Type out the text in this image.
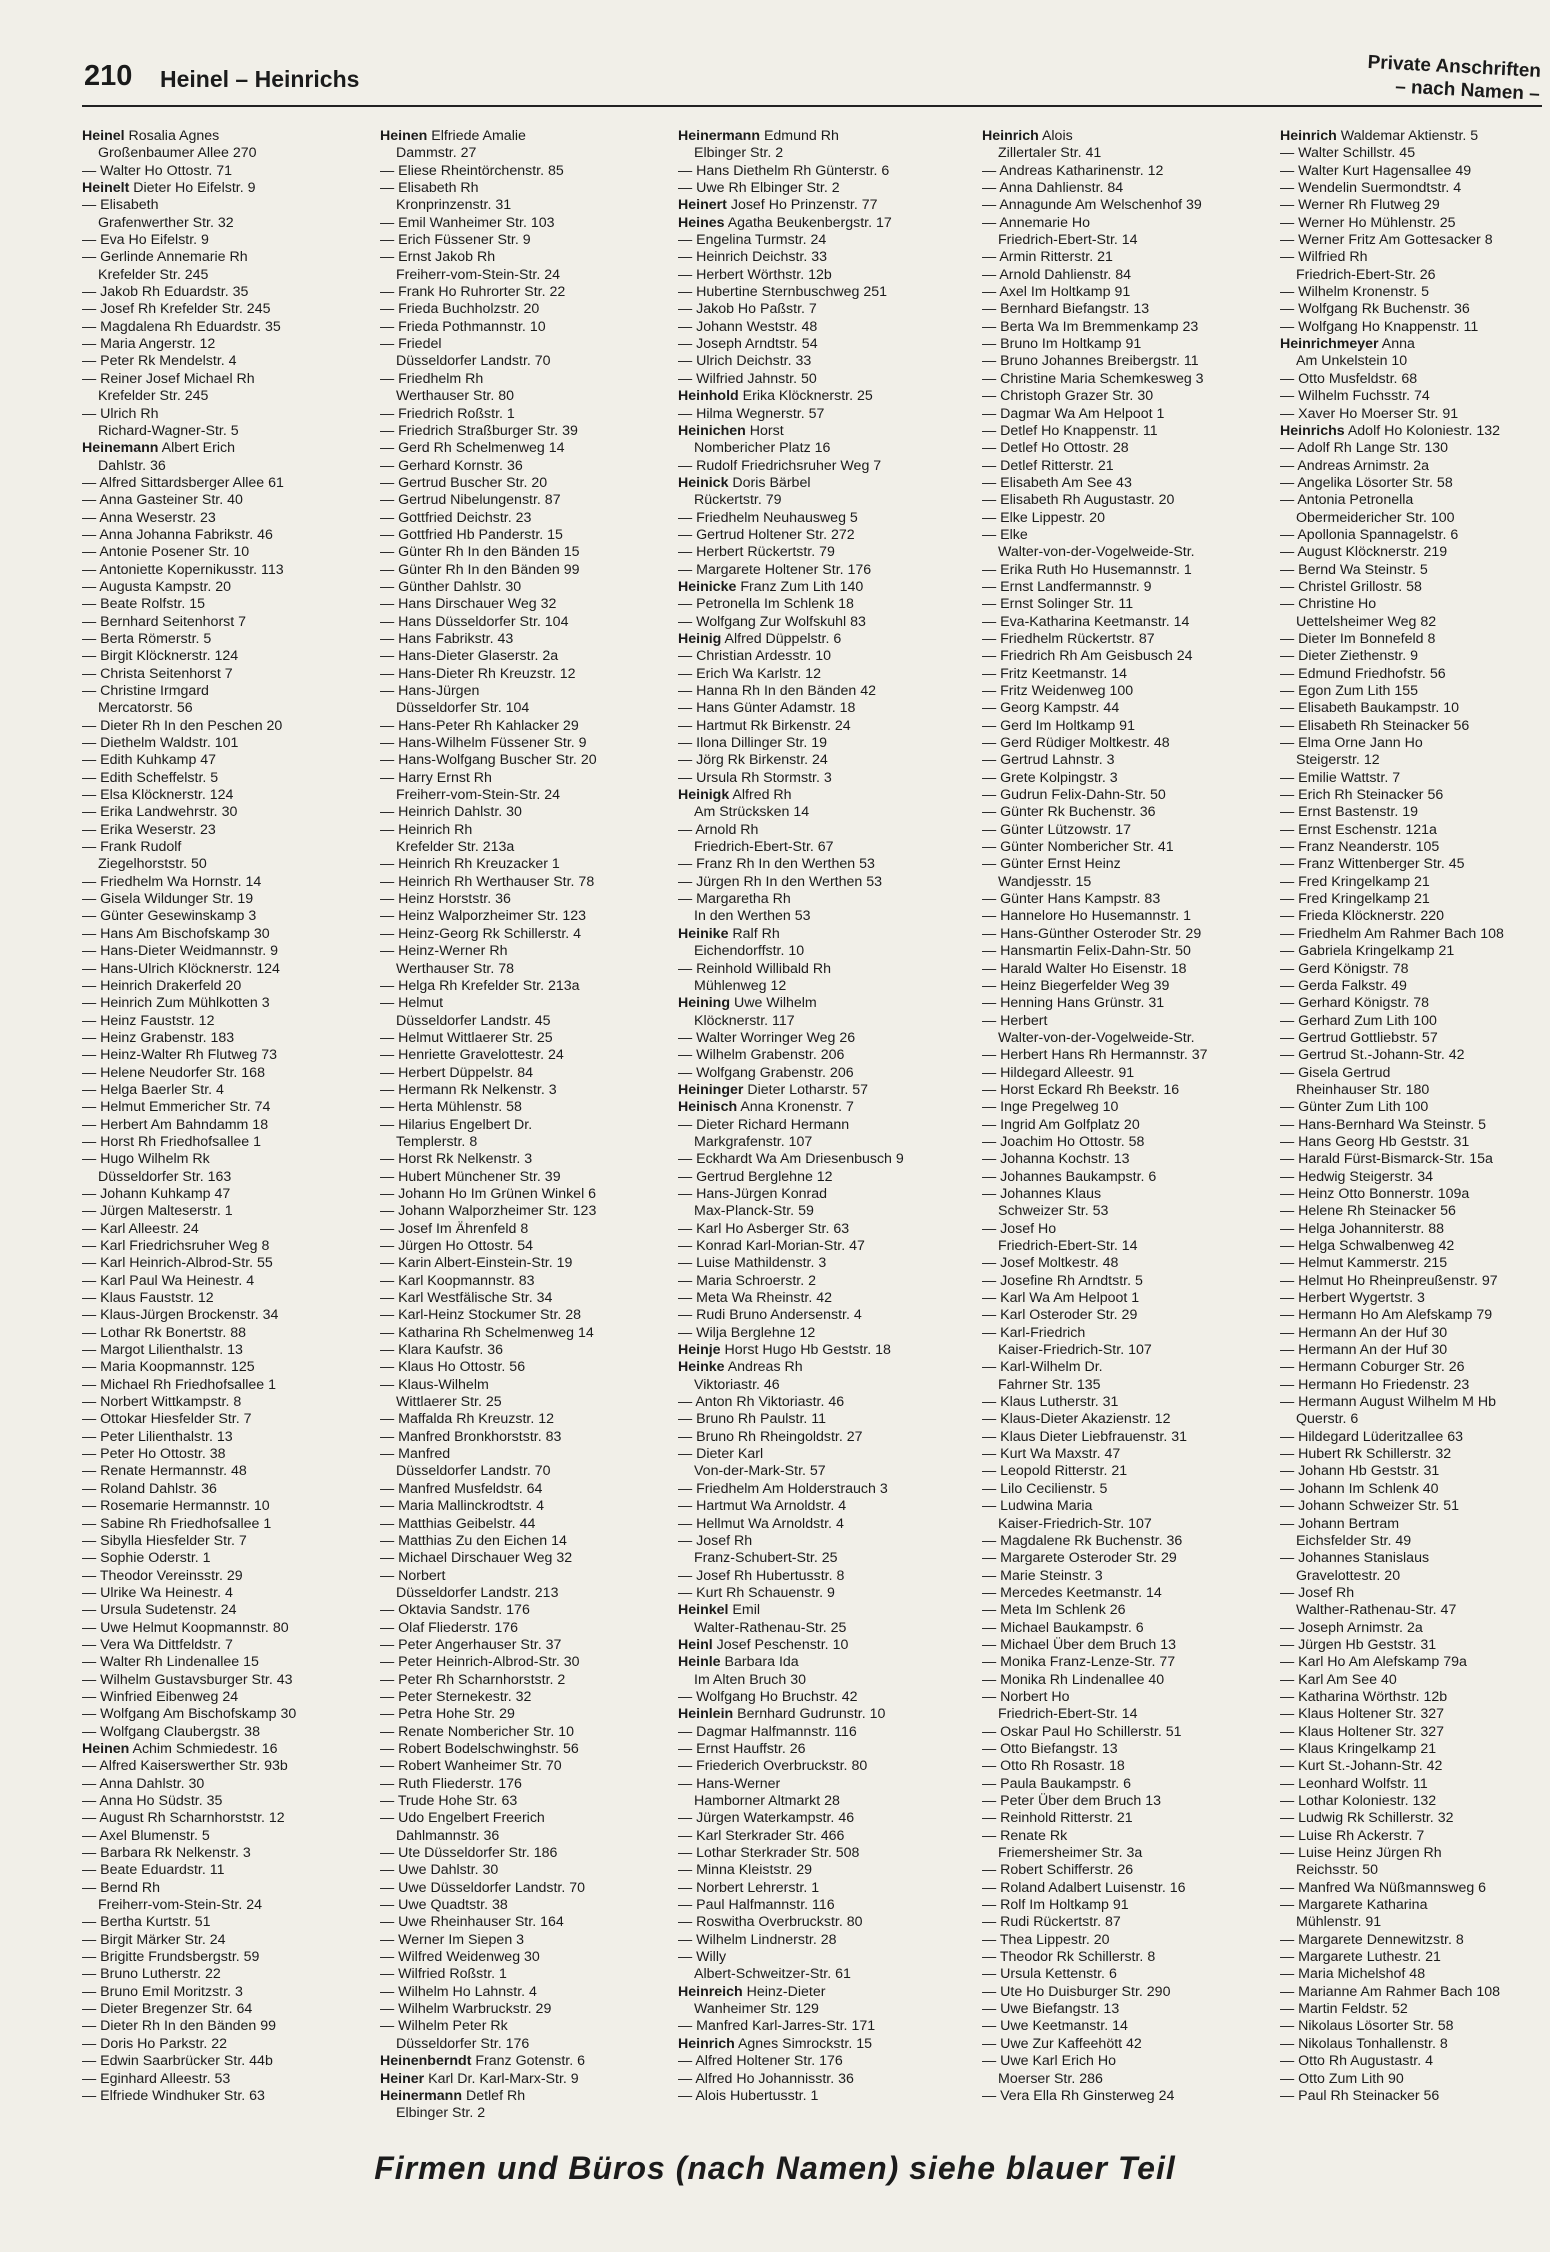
210 Heinel – Heinrichs	Private Anschriften
– nach Namen –
Heinel Rosalia Agnes
Großenbaumer Allee 270
— Walter Ho Ottostr. 71
Heinelt Dieter Ho Eifelstr. 9
— Elisabeth
Grafenwerther Str. 32
— Eva Ho Eifelstr. 9
— Gerlinde Annemarie Rh
Krefelder Str. 245
— Jakob Rh Eduardstr. 35
— Josef Rh Krefelder Str. 245
— Magdalena Rh Eduardstr. 35
— Maria Angerstr. 12
— Peter Rk Mendelstr. 4
— Reiner Josef Michael Rh
Krefelder Str. 245
— Ulrich Rh
Richard-Wagner-Str. 5
Heinemann Albert Erich
Dahlstr. 36
— Alfred Sittardsberger Allee 61
— Anna Gasteiner Str. 40
— Anna Weserstr. 23
— Anna Johanna Fabrikstr. 46
— Antonie Posener Str. 10
— Antoniette Kopernikusstr. 113
— Augusta Kampstr. 20
— Beate Rolfstr. 15
— Bernhard Seitenhorst 7
— Berta Römerstr. 5
— Birgit Klöcknerstr. 124
— Christa Seitenhorst 7
— Christine Irmgard
Mercatorstr. 56
— Dieter Rh In den Peschen 20
— Diethelm Waldstr. 101
— Edith Kuhkamp 47
— Edith Scheffelstr. 5
— Elsa Klöcknerstr. 124
— Erika Landwehrstr. 30
— Erika Weserstr. 23
— Frank Rudolf
Ziegelhorststr. 50
— Friedhelm Wa Hornstr. 14
— Gisela Wildunger Str. 19
— Günter Gesewinskamp 3
— Hans Am Bischofskamp 30
— Hans-Dieter Weidmannstr. 9
— Hans-Ulrich Klöcknerstr. 124
— Heinrich Drakerfeld 20
— Heinrich Zum Mühlkotten 3
— Heinz Fauststr. 12
— Heinz Grabenstr. 183
— Heinz-Walter Rh Flutweg 73
— Helene Neudorfer Str. 168
— Helga Baerler Str. 4
— Helmut Emmericher Str. 74
— Herbert Am Bahndamm 18
— Horst Rh Friedhofsallee 1
— Hugo Wilhelm Rk
Düsseldorfer Str. 163
— Johann Kuhkamp 47
— Jürgen Malteserstr. 1
— Karl Alleestr. 24
— Karl Friedrichsruher Weg 8
— Karl Heinrich-Albrod-Str. 55
— Karl Paul Wa Heinestr. 4
— Klaus Fauststr. 12
— Klaus-Jürgen Brockenstr. 34
— Lothar Rk Bonertstr. 88
— Margot Lilienthalstr. 13
— Maria Koopmannstr. 125
— Michael Rh Friedhofsallee 1
— Norbert Wittkampstr. 8
— Ottokar Hiesfelder Str. 7
— Peter Lilienthalstr. 13
— Peter Ho Ottostr. 38
— Renate Hermannstr. 48
— Roland Dahlstr. 36
— Rosemarie Hermannstr. 10
— Sabine Rh Friedhofsallee 1
— Sibylla Hiesfelder Str. 7
— Sophie Oderstr. 1
— Theodor Vereinsstr. 29
— Ulrike Wa Heinestr. 4
— Ursula Sudetenstr. 24
— Uwe Helmut Koopmannstr. 80
— Vera Wa Dittfeldstr. 7
— Walter Rh Lindenallee 15
— Wilhelm Gustavsburger Str. 43
— Winfried Eibenweg 24
— Wolfgang Am Bischofskamp 30
— Wolfgang Claubergstr. 38
Heinen Achim Schmiedestr. 16
— Alfred Kaiserswerther Str. 93b
— Anna Dahlstr. 30
— Anna Ho Südstr. 35
— August Rh Scharnhorststr. 12
— Axel Blumenstr. 5
— Barbara Rk Nelkenstr. 3
— Beate Eduardstr. 11
— Bernd Rh
Freiherr-vom-Stein-Str. 24
— Bertha Kurtstr. 51
— Birgit Märker Str. 24
— Brigitte Frundsbergstr. 59
— Bruno Lutherstr. 22
— Bruno Emil Moritzstr. 3
— Dieter Bregenzer Str. 64
— Dieter Rh In den Bänden 99
— Doris Ho Parkstr. 22
— Edwin Saarbrücker Str. 44b
— Eginhard Alleestr. 53
— Elfriede Windhuker Str. 63
Heinen Elfriede Amalie
Dammstr. 27
— Eliese Rheintörchenstr. 85
— Elisabeth Rh
Kronprinzenstr. 31
— Emil Wanheimer Str. 103
— Erich Füssener Str. 9
— Ernst Jakob Rh
Freiherr-vom-Stein-Str. 24
— Frank Ho Ruhrorter Str. 22
— Frieda Buchholzstr. 20
— Frieda Pothmannstr. 10
— Friedel
Düsseldorfer Landstr. 70
— Friedhelm Rh
Werthauser Str. 80
— Friedrich Roßstr. 1
— Friedrich Straßburger Str. 39
— Gerd Rh Schelmenweg 14
— Gerhard Kornstr. 36
— Gertrud Buscher Str. 20
— Gertrud Nibelungenstr. 87
— Gottfried Deichstr. 23
— Gottfried Hb Panderstr. 15
— Günter Rh In den Bänden 15
— Günter Rh In den Bänden 99
— Günther Dahlstr. 30
— Hans Dirschauer Weg 32
— Hans Düsseldorfer Str. 104
— Hans Fabrikstr. 43
— Hans-Dieter Glaserstr. 2a
— Hans-Dieter Rh Kreuzstr. 12
— Hans-Jürgen
Düsseldorfer Str. 104
— Hans-Peter Rh Kahlacker 29
— Hans-Wilhelm Füssener Str. 9
— Hans-Wolfgang Buscher Str. 20
— Harry Ernst Rh
Freiherr-vom-Stein-Str. 24
— Heinrich Dahlstr. 30
— Heinrich Rh
Krefelder Str. 213a
— Heinrich Rh Kreuzacker 1
— Heinrich Rh Werthauser Str. 78
— Heinz Horststr. 36
— Heinz Walporzheimer Str. 123
— Heinz-Georg Rk Schillerstr. 4
— Heinz-Werner Rh
Werthauser Str. 78
— Helga Rh Krefelder Str. 213a
— Helmut
Düsseldorfer Landstr. 45
— Helmut Wittlaerer Str. 25
— Henriette Gravelottestr. 24
— Herbert Düppelstr. 84
— Hermann Rk Nelkenstr. 3
— Herta Mühlenstr. 58
— Hilarius Engelbert Dr.
Templerstr. 8
— Horst Rk Nelkenstr. 3
— Hubert Münchener Str. 39
— Johann Ho Im Grünen Winkel 6
— Johann Walporzheimer Str. 123
— Josef Im Ährenfeld 8
— Jürgen Ho Ottostr. 54
— Karin Albert-Einstein-Str. 19
— Karl Koopmannstr. 83
— Karl Westfälische Str. 34
— Karl-Heinz Stockumer Str. 28
— Katharina Rh Schelmenweg 14
— Klara Kaufstr. 36
— Klaus Ho Ottostr. 56
— Klaus-Wilhelm
Wittlaerer Str. 25
— Maffalda Rh Kreuzstr. 12
— Manfred Bronkhorststr. 83
— Manfred
Düsseldorfer Landstr. 70
— Manfred Musfeldstr. 64
— Maria Mallinckrodtstr. 4
— Matthias Geibelstr. 44
— Matthias Zu den Eichen 14
— Michael Dirschauer Weg 32
— Norbert
Düsseldorfer Landstr. 213
— Oktavia Sandstr. 176
— Olaf Fliederstr. 176
— Peter Angerhauser Str. 37
— Peter Heinrich-Albrod-Str. 30
— Peter Rh Scharnhorststr. 2
— Peter Sternekestr. 32
— Petra Hohe Str. 29
— Renate Nombericher Str. 10
— Robert Bodelschwinghstr. 56
— Robert Wanheimer Str. 70
— Ruth Fliederstr. 176
— Trude Hohe Str. 63
— Udo Engelbert Freerich
Dahlmannstr. 36
— Ute Düsseldorfer Str. 186
— Uwe Dahlstr. 30
— Uwe Düsseldorfer Landstr. 70
— Uwe Quadtstr. 38
— Uwe Rheinhauser Str. 164
— Werner Im Siepen 3
— Wilfred Weidenweg 30
— Wilfried Roßstr. 1
— Wilhelm Ho Lahnstr. 4
— Wilhelm Warbruckstr. 29
— Wilhelm Peter Rk
Düsseldorfer Str. 176
Heinenberndt Franz Gotenstr. 6
Heiner Karl Dr. Karl-Marx-Str. 9
Heinermann Detlef Rh
Elbinger Str. 2
Heinermann Edmund Rh
Elbinger Str. 2
— Hans Diethelm Rh Günterstr. 6
— Uwe Rh Elbinger Str. 2
Heinert Josef Ho Prinzenstr. 77
Heines Agatha Beukenbergstr. 17
— Engelina Turmstr. 24
— Heinrich Deichstr. 33
— Herbert Wörthstr. 12b
— Hubertine Sternbuschweg 251
— Jakob Ho Paßstr. 7
— Johann Weststr. 48
— Joseph Arndtstr. 54
— Ulrich Deichstr. 33
— Wilfried Jahnstr. 50
Heinhold Erika Klöcknerstr. 25
— Hilma Wegnerstr. 57
Heinichen Horst
Nombericher Platz 16
— Rudolf Friedrichsruher Weg 7
Heinick Doris Bärbel
Rückertstr. 79
— Friedhelm Neuhausweg 5
— Gertrud Holtener Str. 272
— Herbert Rückertstr. 79
— Margarete Holtener Str. 176
Heinicke Franz Zum Lith 140
— Petronella Im Schlenk 18
— Wolfgang Zur Wolfskuhl 83
Heinig Alfred Düppelstr. 6
— Christian Ardesstr. 10
— Erich Wa Karlstr. 12
— Hanna Rh In den Bänden 42
— Hans Günter Adamstr. 18
— Hartmut Rk Birkenstr. 24
— Ilona Dillinger Str. 19
— Jörg Rk Birkenstr. 24
— Ursula Rh Stormstr. 3
Heinigk Alfred Rh
Am Strücksken 14
— Arnold Rh
Friedrich-Ebert-Str. 67
— Franz Rh In den Werthen 53
— Jürgen Rh In den Werthen 53
— Margaretha Rh
In den Werthen 53
Heinike Ralf Rh
Eichendorffstr. 10
— Reinhold Willibald Rh
Mühlenweg 12
Heining Uwe Wilhelm
Klöcknerstr. 117
— Walter Worringer Weg 26
— Wilhelm Grabenstr. 206
— Wolfgang Grabenstr. 206
Heininger Dieter Lotharstr. 57
Heinisch Anna Kronenstr. 7
— Dieter Richard Hermann
Markgrafenstr. 107
— Eckhardt Wa Am Driesenbusch 9
— Gertrud Berglehne 12
— Hans-Jürgen Konrad
Max-Planck-Str. 59
— Karl Ho Asberger Str. 63
— Konrad Karl-Morian-Str. 47
— Luise Mathildenstr. 3
— Maria Schroerstr. 2
— Meta Wa Rheinstr. 42
— Rudi Bruno Andersenstr. 4
— Wilja Berglehne 12
Heinje Horst Hugo Hb Geststr. 18
Heinke Andreas Rh
Viktoriastr. 46
— Anton Rh Viktoriastr. 46
— Bruno Rh Paulstr. 11
— Bruno Rh Rheingoldstr. 27
— Dieter Karl
Von-der-Mark-Str. 57
— Friedhelm Am Holderstrauch 3
— Hartmut Wa Arnoldstr. 4
— Hellmut Wa Arnoldstr. 4
— Josef Rh
Franz-Schubert-Str. 25
— Josef Rh Hubertusstr. 8
— Kurt Rh Schauenstr. 9
Heinkel Emil
Walter-Rathenau-Str. 25
Heinl Josef Peschenstr. 10
Heinle Barbara Ida
Im Alten Bruch 30
— Wolfgang Ho Bruchstr. 42
Heinlein Bernhard Gudrunstr. 10
— Dagmar Halfmannstr. 116
— Ernst Hauffstr. 26
— Friederich Overbruckstr. 80
— Hans-Werner
Hamborner Altmarkt 28
— Jürgen Waterkampstr. 46
— Karl Sterkrader Str. 466
— Lothar Sterkrader Str. 508
— Minna Kleiststr. 29
— Norbert Lehrerstr. 1
— Paul Halfmannstr. 116
— Roswitha Overbruckstr. 80
— Wilhelm Lindnerstr. 28
— Willy
Albert-Schweitzer-Str. 61
Heinreich Heinz-Dieter
Wanheimer Str. 129
— Manfred Karl-Jarres-Str. 171
Heinrich Agnes Simrockstr. 15
— Alfred Holtener Str. 176
— Alfred Ho Johannisstr. 36
— Alois Hubertusstr. 1
Heinrich Alois
Zillertaler Str. 41
— Andreas Katharinenstr. 12
— Anna Dahlienstr. 84
— Annagunde Am Welschenhof 39
— Annemarie Ho
Friedrich-Ebert-Str. 14
— Armin Ritterstr. 21
— Arnold Dahlienstr. 84
— Axel Im Holtkamp 91
— Bernhard Biefangstr. 13
— Berta Wa Im Bremmenkamp 23
— Bruno Im Holtkamp 91
— Bruno Johannes Breibergstr. 11
— Christine Maria Schemkesweg 3
— Christoph Grazer Str. 30
— Dagmar Wa Am Helpoot 1
— Detlef Ho Knappenstr. 11
— Detlef Ho Ottostr. 28
— Detlef Ritterstr. 21
— Elisabeth Am See 43
— Elisabeth Rh Augustastr. 20
— Elke Lippestr. 20
— Elke
Walter-von-der-Vogelweide-Str.
— Erika Ruth Ho Husemannstr. 1
— Ernst Landfermannstr. 9
— Ernst Solinger Str. 11
— Eva-Katharina Keetmanstr. 14
— Friedhelm Rückertstr. 87
— Friedrich Rh Am Geisbusch 24
— Fritz Keetmanstr. 14
— Fritz Weidenweg 100
— Georg Kampstr. 44
— Gerd Im Holtkamp 91
— Gerd Rüdiger Moltkestr. 48
— Gertrud Lahnstr. 3
— Grete Kolpingstr. 3
— Gudrun Felix-Dahn-Str. 50
— Günter Rk Buchenstr. 36
— Günter Lützowstr. 17
— Günter Nombericher Str. 41
— Günter Ernst Heinz
Wandjesstr. 15
— Günter Hans Kampstr. 83
— Hannelore Ho Husemannstr. 1
— Hans-Günther Osteroder Str. 29
— Hansmartin Felix-Dahn-Str. 50
— Harald Walter Ho Eisenstr. 18
— Heinz Biegerfelder Weg 39
— Henning Hans Grünstr. 31
— Herbert
Walter-von-der-Vogelweide-Str.
— Herbert Hans Rh Hermannstr. 37
— Hildegard Alleestr. 91
— Horst Eckard Rh Beekstr. 16
— Inge Pregelweg 10
— Ingrid Am Golfplatz 20
— Joachim Ho Ottostr. 58
— Johanna Kochstr. 13
— Johannes Baukampstr. 6
— Johannes Klaus
Schweizer Str. 53
— Josef Ho
Friedrich-Ebert-Str. 14
— Josef Moltkestr. 48
— Josefine Rh Arndtstr. 5
— Karl Wa Am Helpoot 1
— Karl Osteroder Str. 29
— Karl-Friedrich
Kaiser-Friedrich-Str. 107
— Karl-Wilhelm Dr.
Fahrner Str. 135
— Klaus Lutherstr. 31
— Klaus-Dieter Akazienstr. 12
— Klaus Dieter Liebfrauenstr. 31
— Kurt Wa Maxstr. 47
— Leopold Ritterstr. 21
— Lilo Cecilienstr. 5
— Ludwina Maria
Kaiser-Friedrich-Str. 107
— Magdalene Rk Buchenstr. 36
— Margarete Osteroder Str. 29
— Marie Steinstr. 3
— Mercedes Keetmanstr. 14
— Meta Im Schlenk 26
— Michael Baukampstr. 6
— Michael Über dem Bruch 13
— Monika Franz-Lenze-Str. 77
— Monika Rh Lindenallee 40
— Norbert Ho
Friedrich-Ebert-Str. 14
— Oskar Paul Ho Schillerstr. 51
— Otto Biefangstr. 13
— Otto Rh Rosastr. 18
— Paula Baukampstr. 6
— Peter Über dem Bruch 13
— Reinhold Ritterstr. 21
— Renate Rk
Friemersheimer Str. 3a
— Robert Schifferstr. 26
— Roland Adalbert Luisenstr. 16
— Rolf Im Holtkamp 91
— Rudi Rückertstr. 87
— Thea Lippestr. 20
— Theodor Rk Schillerstr. 8
— Ursula Kettenstr. 6
— Ute Ho Duisburger Str. 290
— Uwe Biefangstr. 13
— Uwe Keetmanstr. 14
— Uwe Zur Kaffeehött 42
— Uwe Karl Erich Ho
Moerser Str. 286
— Vera Ella Rh Ginsterweg 24
Heinrich Waldemar Aktienstr. 5
— Walter Schillstr. 45
— Walter Kurt Hagensallee 49
— Wendelin Suermondtstr. 4
— Werner Rh Flutweg 29
— Werner Ho Mühlenstr. 25
— Werner Fritz Am Gottesacker 8
— Wilfried Rh
Friedrich-Ebert-Str. 26
— Wilhelm Kronenstr. 5
— Wolfgang Rk Buchenstr. 36
— Wolfgang Ho Knappenstr. 11
Heinrichmeyer Anna
Am Unkelstein 10
— Otto Musfeldstr. 68
— Wilhelm Fuchsstr. 74
— Xaver Ho Moerser Str. 91
Heinrichs Adolf Ho Koloniestr. 132
— Adolf Rh Lange Str. 130
— Andreas Arnimstr. 2a
— Angelika Lösorter Str. 58
— Antonia Petronella
Obermeidericher Str. 100
— Apollonia Spannagelstr. 6
— August Klöcknerstr. 219
— Bernd Wa Steinstr. 5
— Christel Grillostr. 58
— Christine Ho
Uettelsheimer Weg 82
— Dieter Im Bonnefeld 8
— Dieter Ziethenstr. 9
— Edmund Friedhofstr. 56
— Egon Zum Lith 155
— Elisabeth Baukampstr. 10
— Elisabeth Rh Steinacker 56
— Elma Orne Jann Ho
Steigerstr. 12
— Emilie Wattstr. 7
— Erich Rh Steinacker 56
— Ernst Bastenstr. 19
— Ernst Eschenstr. 121a
— Franz Neanderstr. 105
— Franz Wittenberger Str. 45
— Fred Kringelkamp 21
— Fred Kringelkamp 21
— Frieda Klöcknerstr. 220
— Friedhelm Am Rahmer Bach 108
— Gabriela Kringelkamp 21
— Gerd Königstr. 78
— Gerda Falkstr. 49
— Gerhard Königstr. 78
— Gerhard Zum Lith 100
— Gertrud Gottliebstr. 57
— Gertrud St.-Johann-Str. 42
— Gisela Gertrud
Rheinhauser Str. 180
— Günter Zum Lith 100
— Hans-Bernhard Wa Steinstr. 5
— Hans Georg Hb Geststr. 31
— Harald Fürst-Bismarck-Str. 15a
— Hedwig Steigerstr. 34
— Heinz Otto Bonnerstr. 109a
— Helene Rh Steinacker 56
— Helga Johanniterstr. 88
— Helga Schwalbenweg 42
— Helmut Kammerstr. 215
— Helmut Ho Rheinpreußenstr. 97
— Herbert Wygertstr. 3
— Hermann Ho Am Alefskamp 79
— Hermann An der Huf 30
— Hermann An der Huf 30
— Hermann Coburger Str. 26
— Hermann Ho Friedenstr. 23
— Hermann August Wilhelm M Hb
Querstr. 6
— Hildegard Lüderitzallee 63
— Hubert Rk Schillerstr. 32
— Johann Hb Geststr. 31
— Johann Im Schlenk 40
— Johann Schweizer Str. 51
— Johann Bertram
Eichsfelder Str. 49
— Johannes Stanislaus
Gravelottestr. 20
— Josef Rh
Walther-Rathenau-Str. 47
— Joseph Arnimstr. 2a
— Jürgen Hb Geststr. 31
— Karl Ho Am Alefskamp 79a
— Karl Am See 40
— Katharina Wörthstr. 12b
— Klaus Holtener Str. 327
— Klaus Holtener Str. 327
— Klaus Kringelkamp 21
— Kurt St.-Johann-Str. 42
— Leonhard Wolfstr. 11
— Lothar Koloniestr. 132
— Ludwig Rk Schillerstr. 32
— Luise Rh Ackerstr. 7
— Luise Heinz Jürgen Rh
Reichsstr. 50
— Manfred Wa Nüßmannsweg 6
— Margarete Katharina
Mühlenstr. 91
— Margarete Dennewitzstr. 8
— Margarete Luthestr. 21
— Maria Michelshof 48
— Marianne Am Rahmer Bach 108
— Martin Feldstr. 52
— Nikolaus Lösorter Str. 58
— Nikolaus Tonhallenstr. 8
— Otto Rh Augustastr. 4
— Otto Zum Lith 90
— Paul Rh Steinacker 56
Firmen und Büros (nach Namen) siehe blauer Teil
